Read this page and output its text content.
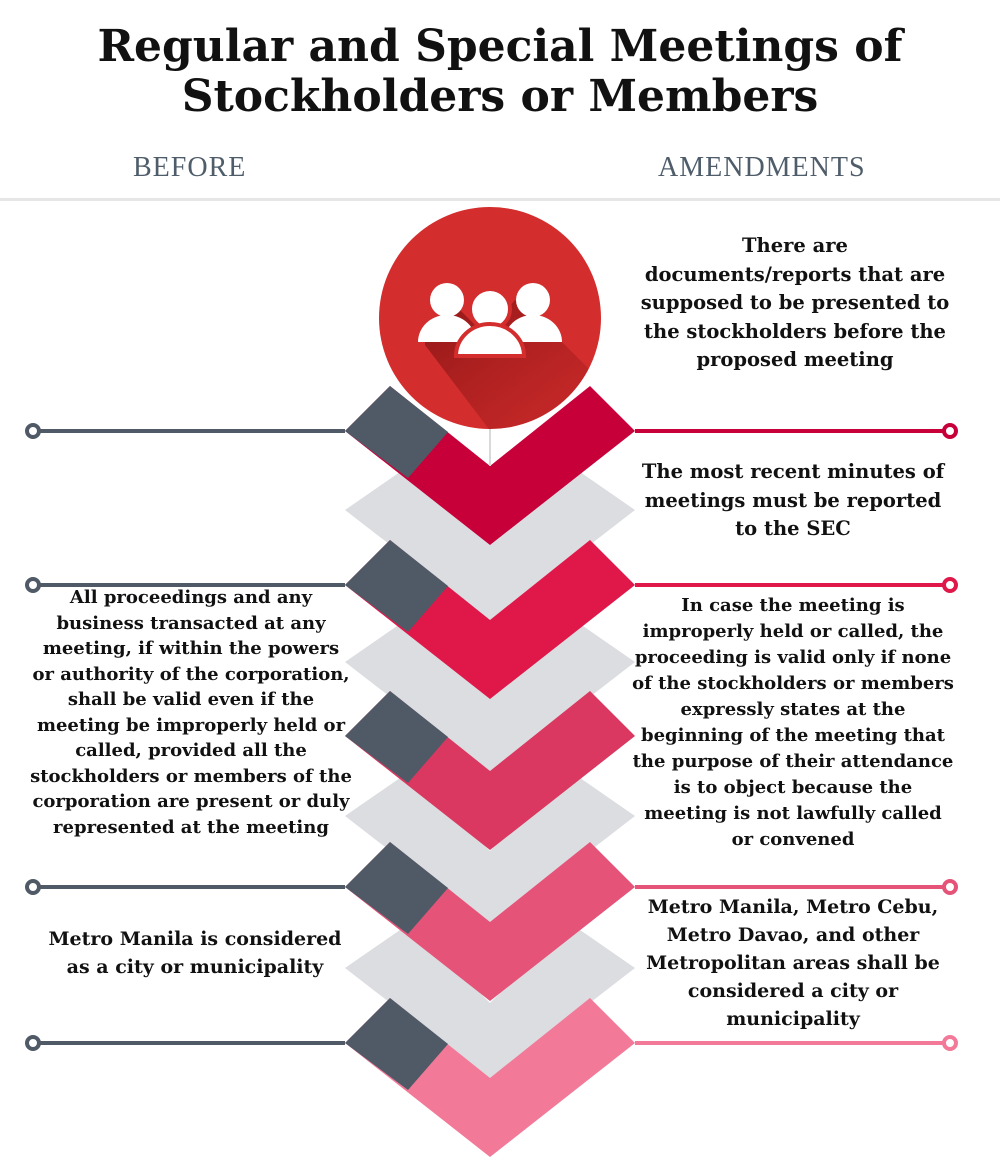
Regular and Special Meetings of
Stockholders or Members
BEFORE	AMENDMENTS
There are documents/reports that are supposed to be presented to the stockholders before the proposed meeting
The most recent minutes of meetings must be reported to the SEC
In case the meeting is improperly held or called, the proceeding is valid only if none of the stockholders or members expressly states at the beginning of the meeting that the purpose of their attendance is to object because the meeting is not lawfully called or convened
Metro Manila, Metro Cebu, Metro Davao, and other Metropolitan areas shall be considered a city or municipality
All proceedings and any business transacted at any meeting, if within the powers or authority of the corporation, shall be valid even if the meeting be improperly held or called, provided all the stockholders or members of the corporation are present or duly represented at the meeting
Metro Manila is considered as a city or municipality
